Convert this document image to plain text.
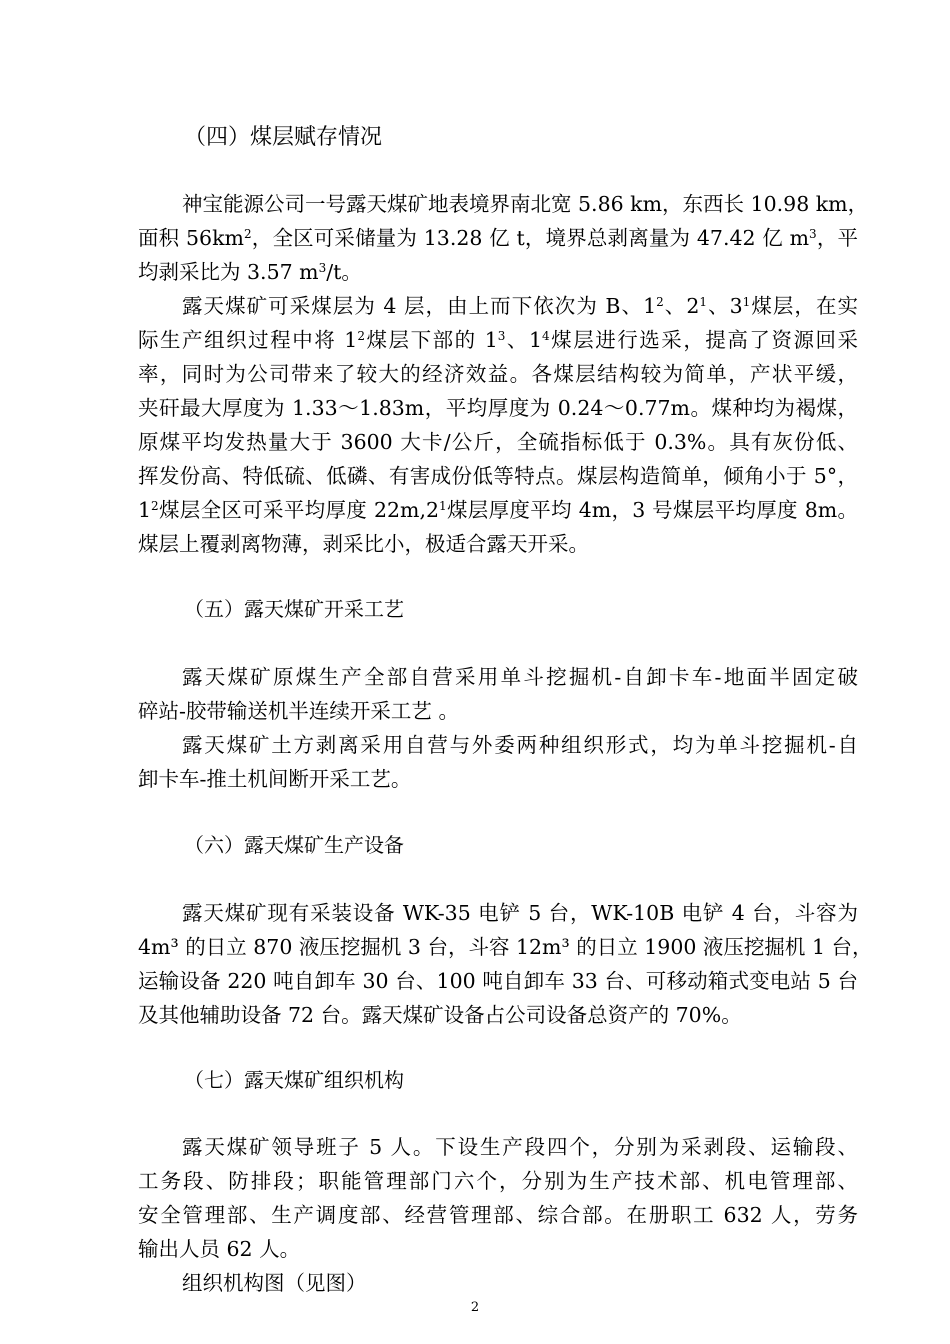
（四）煤层赋存情况
神宝能源公司一号露天煤矿地表境界南北宽 5.86 km，东西长 10.98 km，
面积 $56km^2$，全区可采储量为 13.28 亿 t，境界总剥离量为 47.42 亿 $m^3$，平
均剥采比为 3.57 $m^3/t$。
露天煤矿可采煤层为 4 层，由上而下依次为 B、$1^2$、$2^1$、$3^1$煤层，在实
际生产组织过程中将 $1^2$煤层下部的 $1^3$、$1^4$煤层进行选采，提高了资源回采
率，同时为公司带来了较大的经济效益。各煤层结构较为简单，产状平缓，
夹矸最大厚度为 1.33～1.83m，平均厚度为 0.24～0.77m。煤种均为褐煤，
原煤平均发热量大于 3600 大卡/公斤，全硫指标低于 0.3%。具有灰份低、
挥发份高、特低硫、低磷、有害成份低等特点。煤层构造简单，倾角小于 5°，
$1^2$煤层全区可采平均厚度 $22m,2^1$煤层厚度平均 4m，3 号煤层平均厚度 8m。
煤层上覆剥离物薄，剥采比小，极适合露天开采。
（五）露天煤矿开采工艺
露天煤矿原煤生产全部自营采用单斗挖掘机-自卸卡车-地面半固定破
碎站-胶带输送机半连续开采工艺 。
露天煤矿土方剥离采用自营与外委两种组织形式，均为单斗挖掘机-自
卸卡车-推土机间断开采工艺。
（六）露天煤矿生产设备
露天煤矿现有采装设备 WK-35 电铲 5 台，WK-10B 电铲 4 台，斗容为
4m³ 的日立 870 液压挖掘机 3 台，斗容 12m³ 的日立 1900 液压挖掘机 1 台，
运输设备 220 吨自卸车 30 台、100 吨自卸车 33 台、可移动箱式变电站 5 台
及其他辅助设备 72 台。露天煤矿设备占公司设备总资产的 70%。
（七）露天煤矿组织机构
露天煤矿领导班子 5 人。下设生产段四个，分别为采剥段、运输段、
工务段、防排段；职能管理部门六个，分别为生产技术部、机电管理部、
安全管理部、生产调度部、经营管理部、综合部。在册职工 632 人，劳务
输出人员 62 人。
组织机构图（见图）
2
